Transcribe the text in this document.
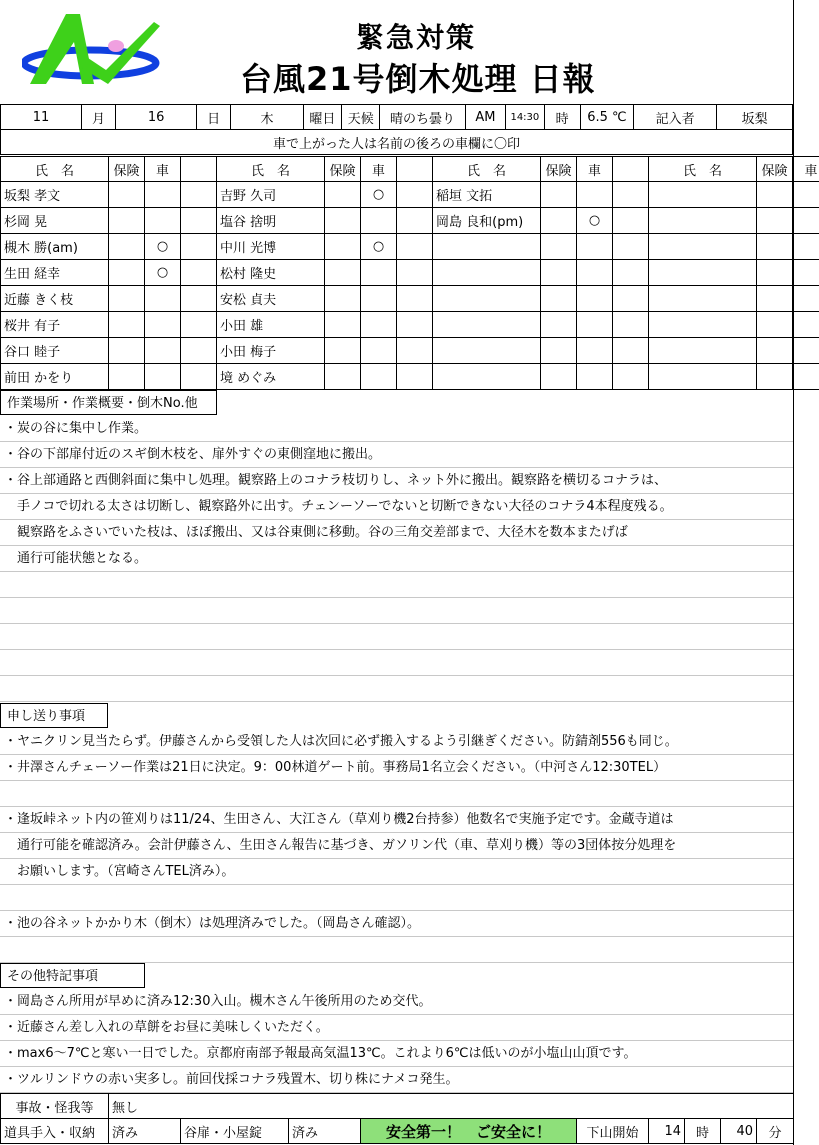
緊急対策
台風21号倒木処理 日報
11	月	16	日	木	曜日	天候	晴のち曇り	AM	14:30	時	6.5 ℃	記入者	坂梨
車で上がった人は名前の後ろの車欄に〇印
氏　名	保険	車		氏　名	保険	車		氏　名	保険	車		氏　名	保険	車
坂梨 孝文				吉野 久司		○		稲垣 文拓						
杉岡 晃				塩谷 捨明				岡島 良和(pm)		○				
槻木 勝(am)		○		中川 光博		○								
生田 経幸		○		松村 隆史										
近藤 きく枝				安松 貞夫										
桜井 有子				小田 雄										
谷口 睦子				小田 梅子										
前田 かをり				境 めぐみ										
作業場所・作業概要・倒木No.他
・炭の谷に集中し作業。
・谷の下部扉付近のスギ倒木枝を、扉外すぐの東側窪地に搬出。
・谷上部通路と西側斜面に集中し処理。観察路上のコナラ枝切りし、ネット外に搬出。観察路を横切るコナラは、
　手ノコで切れる太さは切断し、観察路外に出す。チェンーソーでないと切断できない大径のコナラ4本程度残る。
　観察路をふさいでいた枝は、ほぼ搬出、又は谷東側に移動。谷の三角交差部まで、大径木を数本またげば
　通行可能状態となる。
申し送り事項
・ヤニクリン見当たらず。伊藤さんから受領した人は次回に必ず搬入するよう引継ぎください。防錆剤556も同じ。
・井澤さんチェーソー作業は21日に決定。9：00林道ゲート前。事務局1名立会ください。（中河さん12:30TEL）
・逢坂峠ネット内の笹刈りは11/24、生田さん、大江さん（草刈り機2台持参）他数名で実施予定です。金蔵寺道は
　通行可能を確認済み。会計伊藤さん、生田さん報告に基づき、ガソリン代（車、草刈り機）等の3団体按分処理を
　お願いします。（宮崎さんTEL済み）。
・池の谷ネットかかり木（倒木）は処理済みでした。（岡島さん確認）。
その他特記事項
・岡島さん所用が早めに済み12:30入山。槻木さん午後所用のため交代。
・近藤さん差し入れの草餅をお昼に美味しくいただく。
・max6～7℃と寒い一日でした。京都府南部予報最高気温13℃。これより6℃は低いのが小塩山山頂です。
・ツルリンドウの赤い実多し。前回伐採コナラ残置木、切り株にナメコ発生。
事故・怪我等	無し								
道具手入・収納	済み	谷扉・小屋錠	済み	安全第一！　ご安全に！	下山開始	14	時	40	分
